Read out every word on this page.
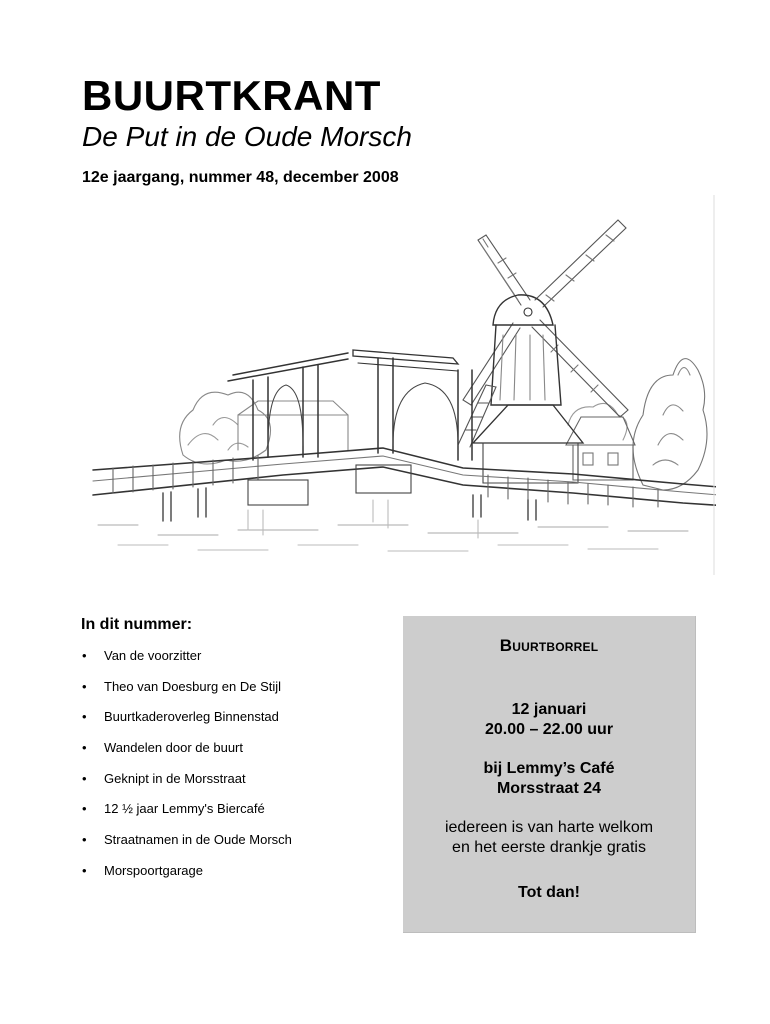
BUURTKRANT
De Put in de Oude Morsch
12e jaargang, nummer 48, december 2008
In dit nummer:
• Van de voorzitter
• Theo van Doesburg en De Stijl
• Buurtkaderoverleg Binnenstad
• Wandelen door de buurt
• Geknipt in de Morsstraat
• 12 ½ jaar Lemmy's Biercafé
• Straatnamen in de Oude Morsch
• Morspoortgarage
Buurtborrel
12 januari
20.00 – 22.00 uur
bij Lemmy’s Café
Morsstraat 24
iedereen is van harte welkom
en het eerste drankje gratis
Tot dan!
